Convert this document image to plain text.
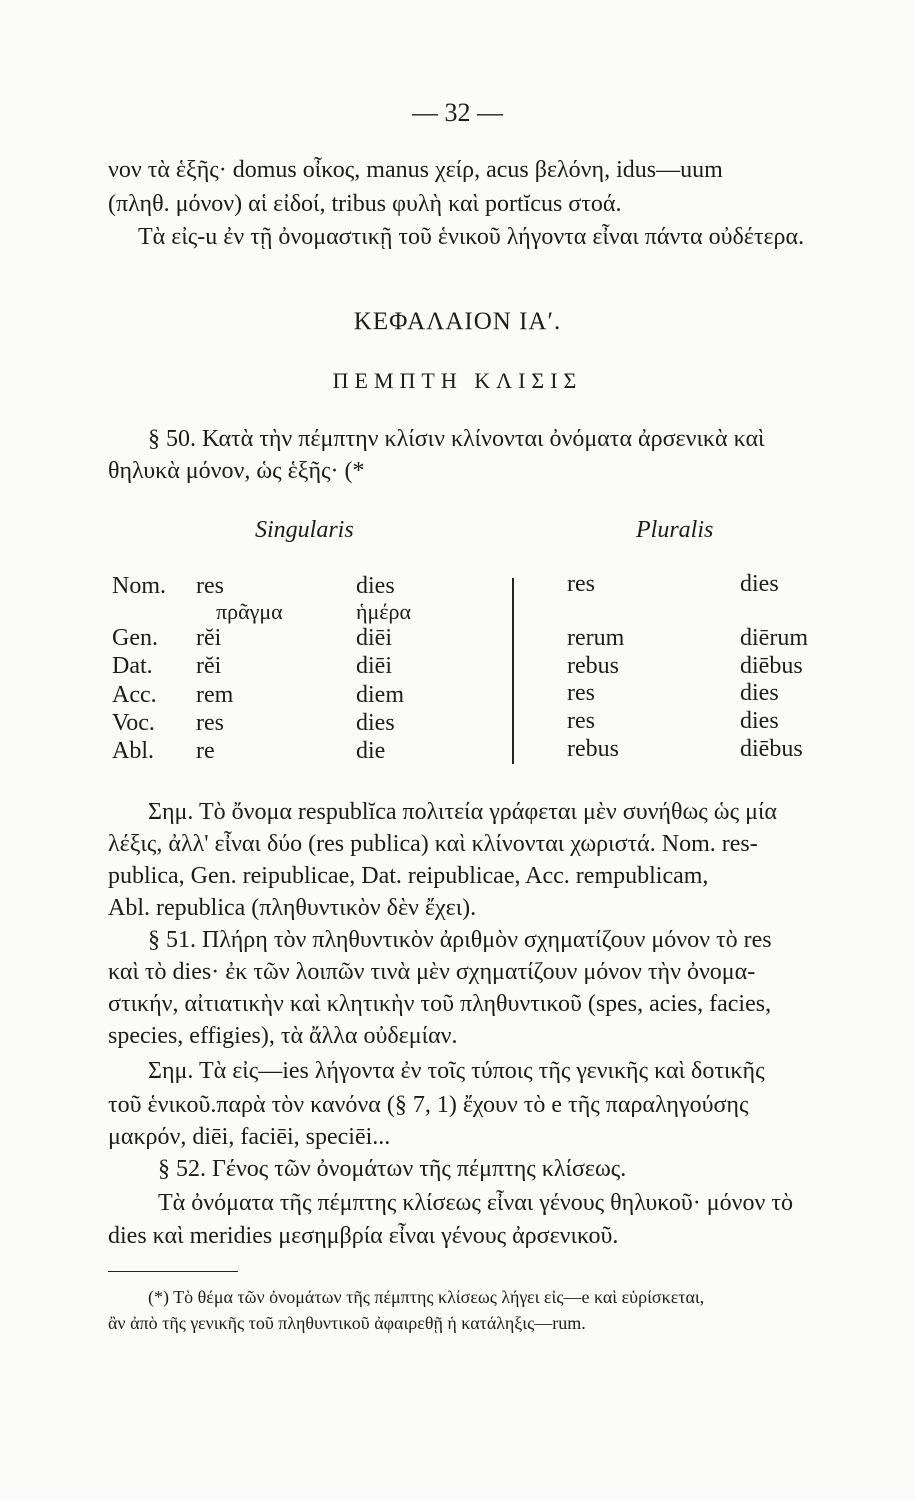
— 32 —
νον τὰ ἑξῆς· domus οἶκος, manus χείρ, acus βελόνη, idus—uum
(πληθ. μόνον) αἱ εἰδοί, tribus φυλὴ καὶ portĭcus στοά.
Τὰ εἰς-u ἐν τῇ ὀνομαστικῇ τοῦ ἑνικοῦ λήγοντα εἶναι πάντα οὐδέτερα.
ΚΕΦΑΛΑΙΟΝ ΙΑʹ.
ΠΕΜΠΤΗ ΚΛΙΣΙΣ
§ 50. Κατὰ τὴν πέμπτην κλίσιν κλίνονται ὀνόματα ἀρσενικὰ καὶ
θηλυκὰ μόνον, ὡς ἑξῆς· (*
Singularis	Pluralis
Nom. res	dies	res	dies
πρᾶγμα	ἡμέρα
Gen. rĕi	diēi	rerum	diērum
Dat. rĕi	diēi	rebus	diēbus
Acc. rem	diem	res	dies
Voc. res	dies	res	dies
Abl. re	die	rebus	diēbus
Σημ. Τὸ ὄνομα respublĭca πολιτεία γράφεται μὲν συνήθως ὡς μία
λέξις, ἀλλ' εἶναι δύο (res publica) καὶ κλίνονται χωριστά. Nom. res-
publica, Gen. reipublicae, Dat. reipublicae, Acc. rempublicam,
Abl. republica (πληθυντικὸν δὲν ἔχει).
§ 51. Πλήρη τὸν πληθυντικὸν ἀριθμὸν σχηματίζουν μόνον τὸ res
καὶ τὸ dies· ἐκ τῶν λοιπῶν τινὰ μὲν σχηματίζουν μόνον τὴν ὀνομα-
στικήν, αἰτιατικὴν καὶ κλητικὴν τοῦ πληθυντικοῦ (spes, acies, facies,
species, effigies), τὰ ἄλλα οὐδεμίαν.
Σημ. Τὰ εἰς—ies λήγοντα ἐν τοῖς τύποις τῆς γενικῆς καὶ δοτικῆς
τοῦ ἑνικοῦ.παρὰ τὸν κανόνα (§ 7, 1) ἔχουν τὸ e τῆς παραληγούσης
μακρόν, diēi, faciēi, speciēi...
§ 52. Γένος τῶν ὀνομάτων τῆς πέμπτης κλίσεως.
Τὰ ὀνόματα τῆς πέμπτης κλίσεως εἶναι γένους θηλυκοῦ· μόνον τὸ
dies καὶ meridies μεσημβρία εἶναι γένους ἀρσενικοῦ.
(*) Τὸ θέμα τῶν ὀνομάτων τῆς πέμπτης κλίσεως λήγει εἰς—e καὶ εὑρίσκεται,
ἂν ἀπὸ τῆς γενικῆς τοῦ πληθυντικοῦ ἀφαιρεθῇ ἡ κατάληξις—rum.
